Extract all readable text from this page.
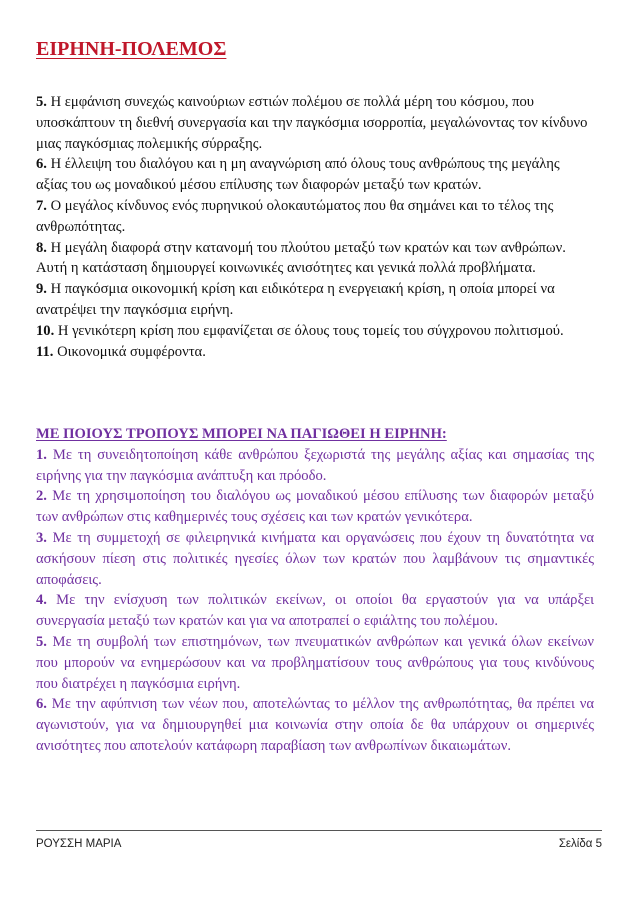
ΕΙΡΗΝΗ-ΠΟΛΕΜΟΣ

5. Η εμφάνιση συνεχώς καινούριων εστιών πολέμου σε πολλά μέρη του κόσμου, που υποσκάπτουν τη διεθνή συνεργασία και την παγκόσμια ισορροπία, μεγαλώνοντας τον κίνδυνο μιας παγκόσμιας πολεμικής σύρραξης.

6. Η έλλειψη του διαλόγου και η μη αναγνώριση από όλους τους ανθρώπους της μεγάλης αξίας του ως μοναδικού μέσου επίλυσης των διαφορών μεταξύ των κρατών.

7. Ο μεγάλος κίνδυνος ενός πυρηνικού ολοκαυτώματος που θα σημάνει και το τέλος της ανθρωπότητας.

8. Η μεγάλη διαφορά στην κατανομή του πλούτου μεταξύ των κρατών και των ανθρώπων. Αυτή η κατάσταση δημιουργεί κοινωνικές ανισότητες και γενικά πολλά προβλήματα.

9. Η παγκόσμια οικονομική κρίση και ειδικότερα η ενεργειακή κρίση, η οποία μπορεί να ανατρέψει την παγκόσμια ειρήνη.

10. Η γενικότερη κρίση που εμφανίζεται σε όλους τους τομείς του σύγχρονου πολιτισμού.

11. Οικονομικά συμφέροντα.

ΜΕ ΠΟΙΟΥΣ ΤΡΟΠΟΥΣ ΜΠΟΡΕΙ ΝΑ ΠΑΓΙΩΘΕΙ Η ΕΙΡΗΝΗ:

1. Με τη συνειδητοποίηση κάθε ανθρώπου ξεχωριστά της μεγάλης αξίας και σημασίας της ειρήνης για την παγκόσμια ανάπτυξη και πρόοδο.

2. Με τη χρησιμοποίηση του διαλόγου ως μοναδικού μέσου επίλυσης των διαφορών μεταξύ των ανθρώπων στις καθημερινές τους σχέσεις και των κρατών γενικότερα.

3. Με τη συμμετοχή σε φιλειρηνικά κινήματα και οργανώσεις που έχουν τη δυνατότητα να ασκήσουν πίεση στις πολιτικές ηγεσίες όλων των κρατών που λαμβάνουν τις σημαντικές αποφάσεις.

4. Με την ενίσχυση των πολιτικών εκείνων, οι οποίοι θα εργαστούν για να υπάρξει συνεργασία μεταξύ των κρατών και για να αποτραπεί ο εφιάλτης του πολέμου.

5. Με τη συμβολή των επιστημόνων, των πνευματικών ανθρώπων και γενικά όλων εκείνων που μπορούν να ενημερώσουν και να προβληματίσουν τους ανθρώπους για τους κινδύνους που διατρέχει η παγκόσμια ειρήνη.

6. Με την αφύπνιση των νέων που, αποτελώντας το μέλλον της ανθρωπότητας, θα πρέπει να αγωνιστούν, για να δημιουργηθεί μια κοινωνία στην οποία δε θα υπάρχουν οι σημερινές ανισότητες που αποτελούν κατάφωρη παραβίαση των ανθρωπίνων δικαιωμάτων.

ΡΟΥΣΣΗ ΜΑΡΙΑ	Σελίδα 5
